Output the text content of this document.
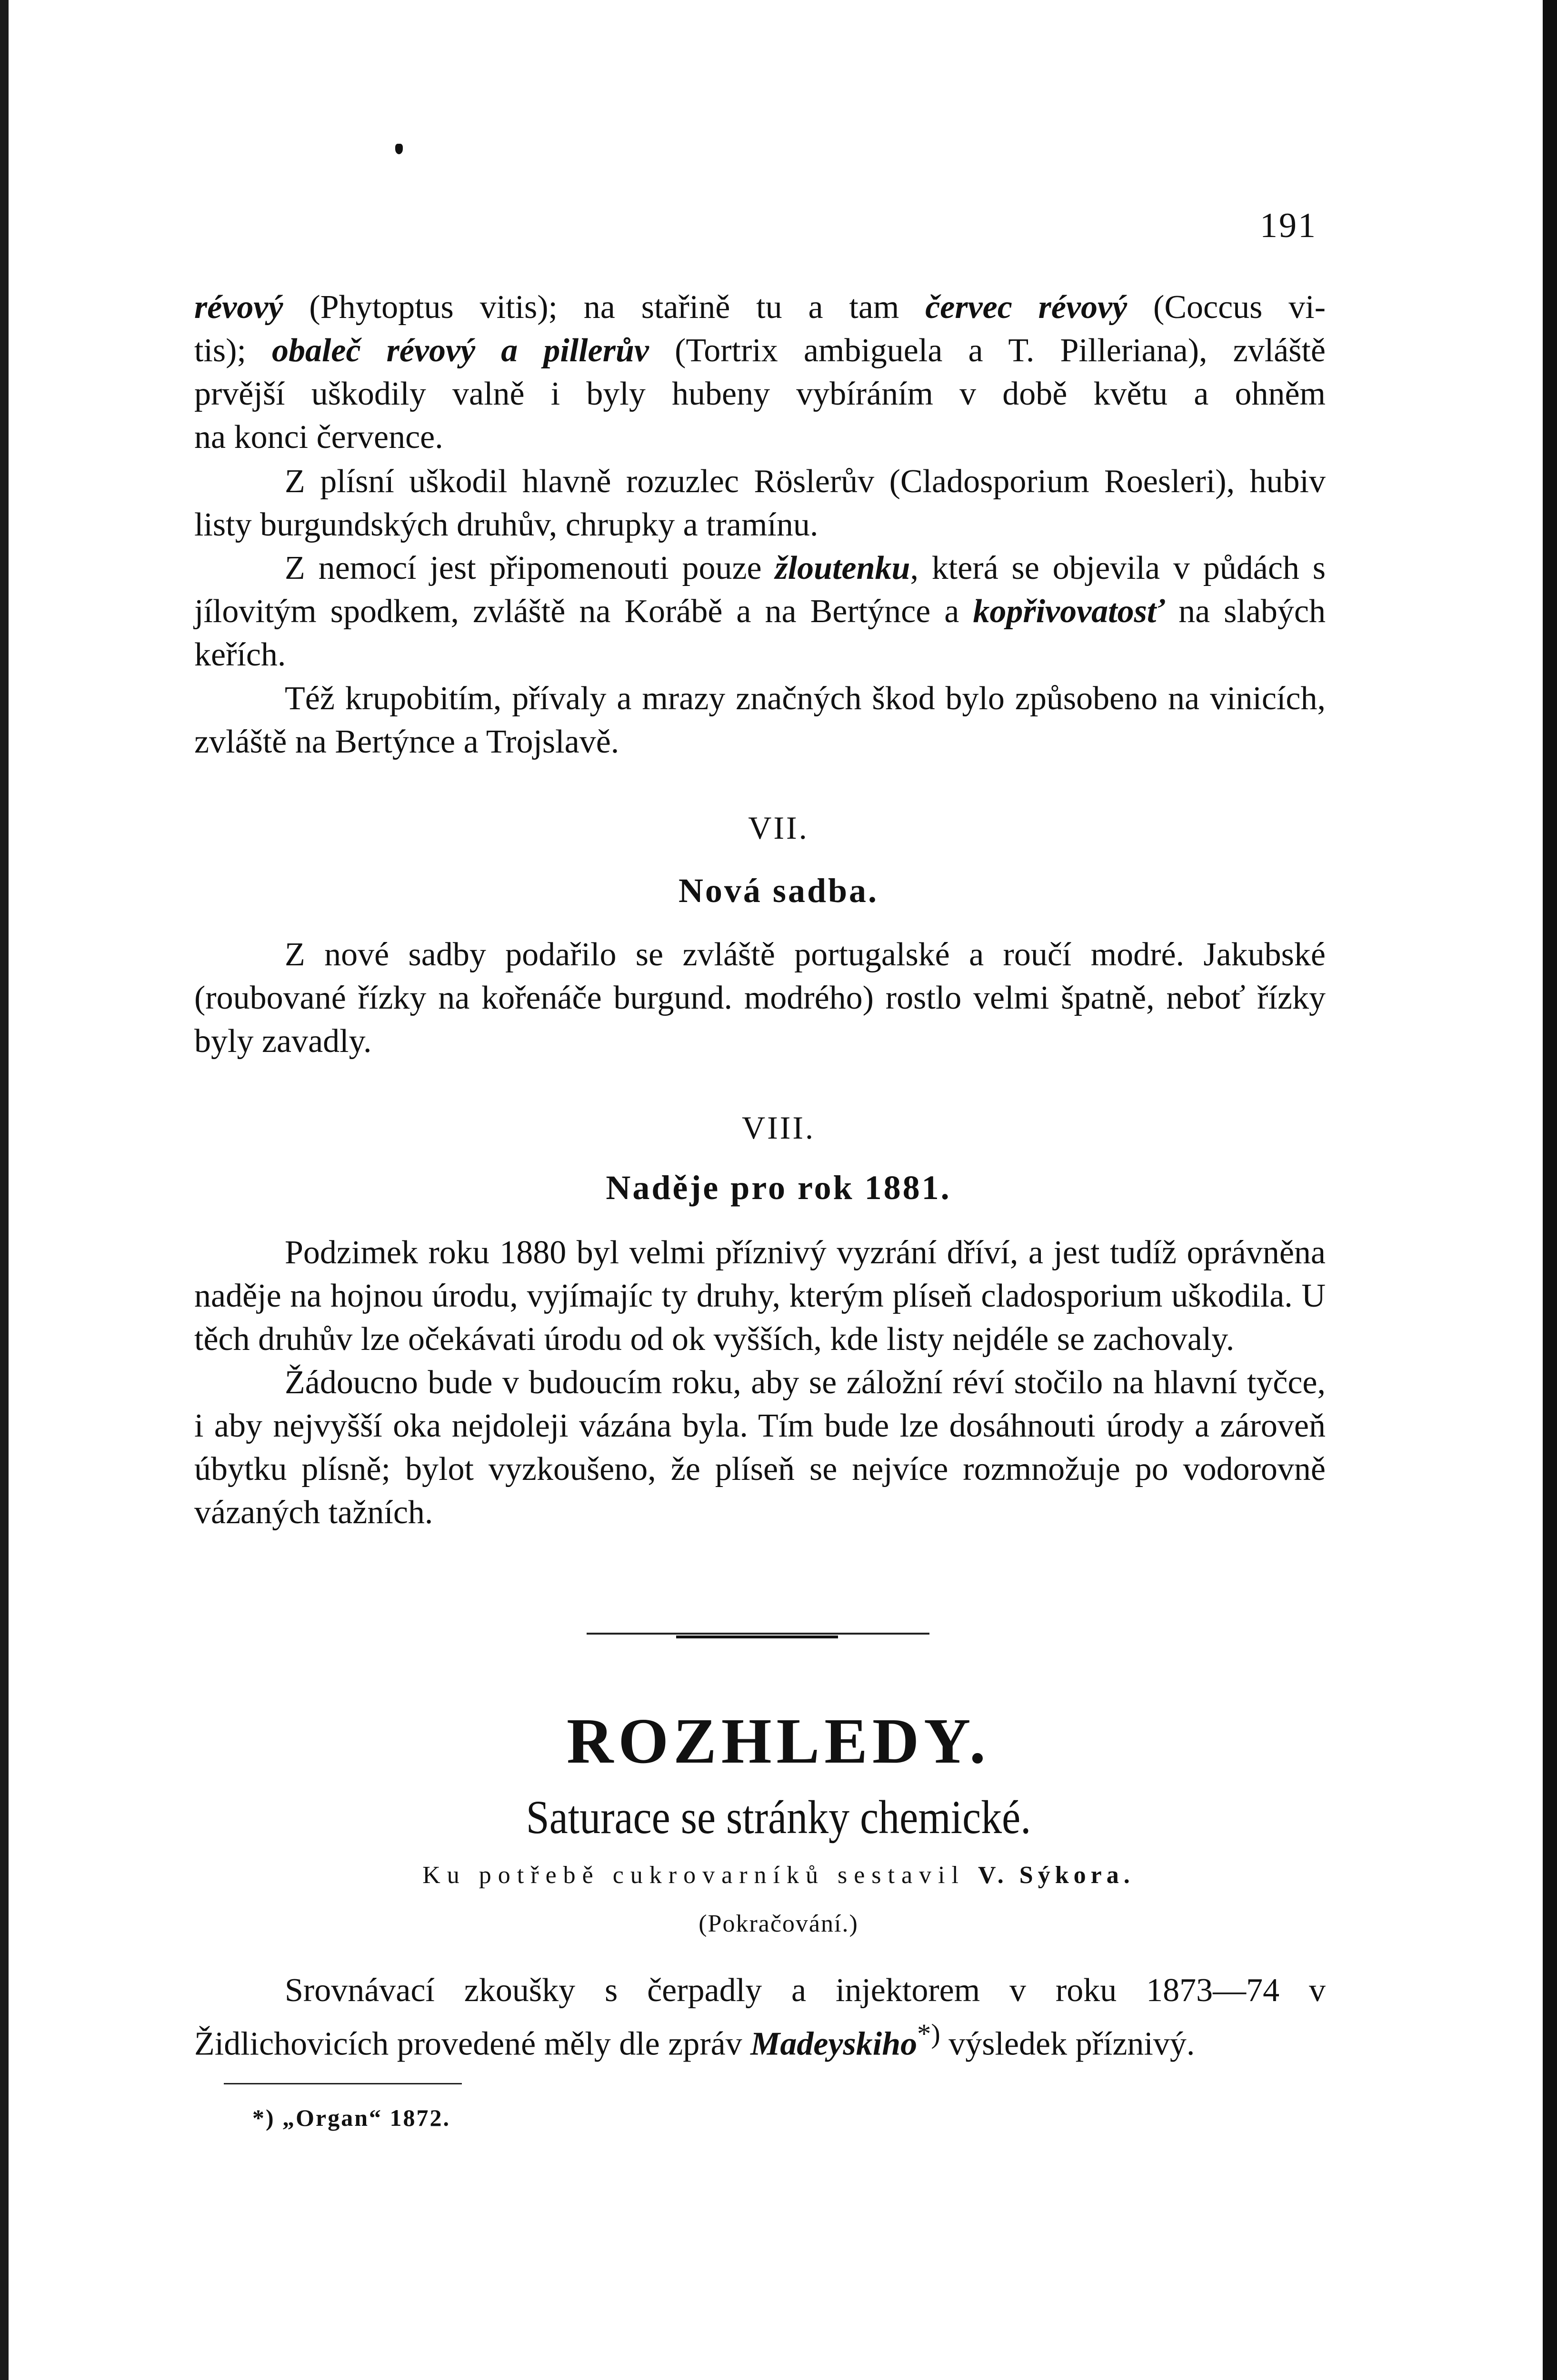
191

révový (Phytoptus vitis); na stařině tu a tam červec révový (Coccus vi-

tis); obaleč révový a pillerův (Tortrix ambiguela a T. Pilleriana), zvláště

prvější uškodily valně i byly hubeny vybíráním v době květu a ohněm

na konci července.

Z plísní uškodil hlavně rozuzlec Röslerův (Cladosporium Roesleri), hubiv listy burgundských druhův, chrupky a tramínu.

Z nemocí jest připomenouti pouze žloutenku, která se objevila v půdách s jílovitým spodkem, zvláště na Korábě a na Bertýnce a kopřivovatosť na slabých keřích.

Též krupobitím, přívaly a mrazy značných škod bylo způsobeno na vinicích, zvláště na Bertýnce a Trojslavě.

VII.

Nová sadba.

Z nové sadby podařilo se zvláště portugalské a roučí modré. Jakubské (roubované řízky na kořenáče burgund. modrého) rostlo velmi špatně, neboť řízky byly zavadly.

VIII.

Naděje pro rok 1881.

Podzimek roku 1880 byl velmi příznivý vyzrání dříví, a jest tudíž oprávněna naděje na hojnou úrodu, vyjímajíc ty druhy, kterým plíseň cladosporium uškodila. U těch druhův lze očekávati úrodu od ok vyšších, kde listy nejdéle se zachovaly.

Žádoucno bude v budoucím roku, aby se záložní réví stočilo na hlavní tyčce, i aby nejvyšší oka nejdoleji vázána byla. Tím bude lze dosáhnouti úrody a zároveň úbytku plísně; bylot vyzkoušeno, že plíseň se nejvíce rozmnožuje po vodorovně vázaných tažních.

ROZHLEDY.

Saturace se stránky chemické.

Ku potřebě cukrovarníků sestavil V. Sýkora.

(Pokračování.)

Srovnávací zkoušky s čerpadly a injektorem v roku 1873—74 v Židlichovicích provedené měly dle zpráv Madeyskiho*) výsledek příznivý.

*) „Organ“ 1872.
